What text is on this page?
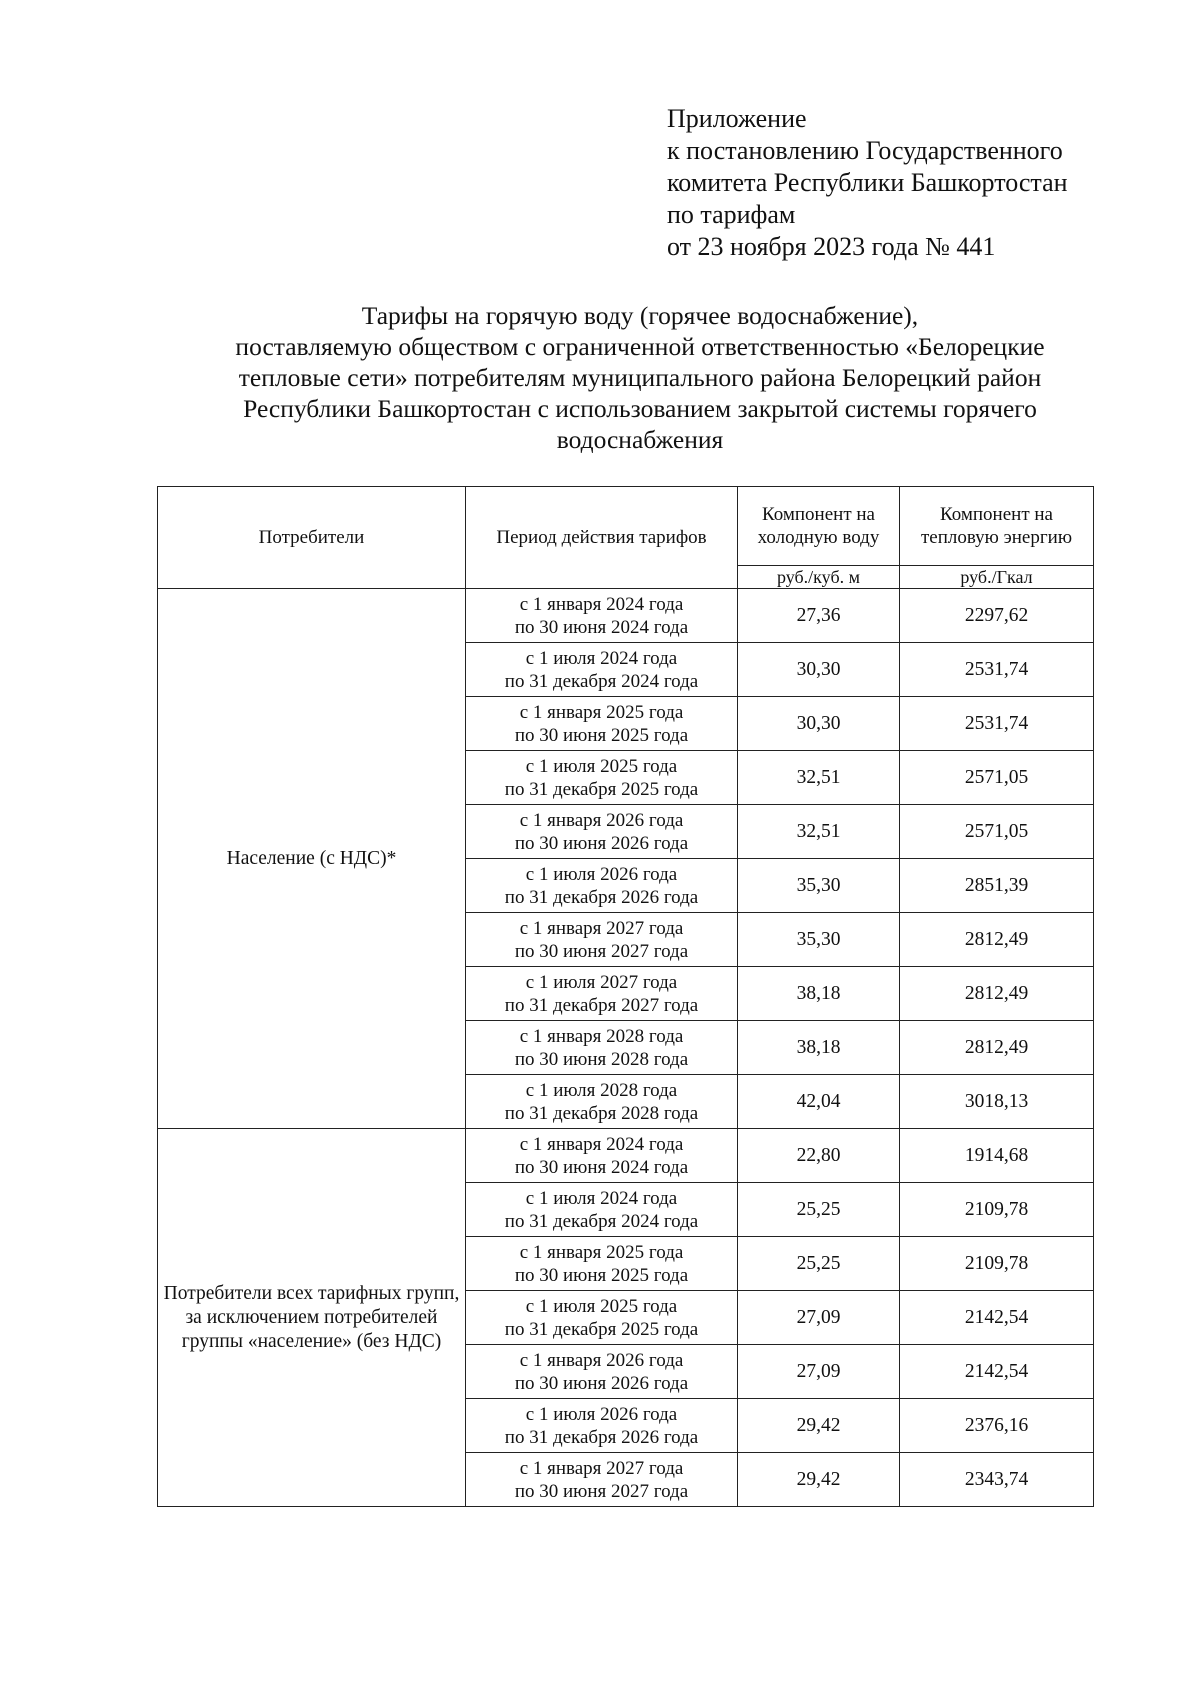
Приложение
к постановлению Государственного
комитета Республики Башкортостан
по тарифам
от 23 ноября 2023 года № 441
Тарифы на горячую воду (горячее водоснабжение),
поставляемую обществом с ограниченной ответственностью «Белорецкие
тепловые сети» потребителям муниципального района Белорецкий район
Республики Башкортостан с использованием закрытой системы горячего
водоснабжения
Потребители	Период действия тарифов	Компонент на холодную воду	Компонент на тепловую энергию
		руб./куб. м	руб./Гкал
Население (с НДС)*	с 1 января 2024 года
по 30 июня 2024 года	27,36	2297,62

	с 1 июля 2024 года
по 31 декабря 2024 года	30,30	2531,74

	с 1 января 2025 года
по 30 июня 2025 года	30,30	2531,74

	с 1 июля 2025 года
по 31 декабря 2025 года	32,51	2571,05

	с 1 января 2026 года
по 30 июня 2026 года	32,51	2571,05

	с 1 июля 2026 года
по 31 декабря 2026 года	35,30	2851,39

	с 1 января 2027 года
по 30 июня 2027 года	35,30	2812,49

	с 1 июля 2027 года
по 31 декабря 2027 года	38,18	2812,49

	с 1 января 2028 года
по 30 июня 2028 года	38,18	2812,49

	с 1 июля 2028 года
по 31 декабря 2028 года	42,04	3018,13
Потребители всех тарифных групп, за исключением потребителей группы «население» (без НДС)	с 1 января 2024 года
по 30 июня 2024 года	22,80	1914,68

	с 1 июля 2024 года
по 31 декабря 2024 года	25,25	2109,78

	с 1 января 2025 года
по 30 июня 2025 года	25,25	2109,78

	с 1 июля 2025 года
по 31 декабря 2025 года	27,09	2142,54

	с 1 января 2026 года
по 30 июня 2026 года	27,09	2142,54

	с 1 июля 2026 года
по 31 декабря 2026 года	29,42	2376,16

	с 1 января 2027 года
по 30 июня 2027 года	29,42	2343,74
